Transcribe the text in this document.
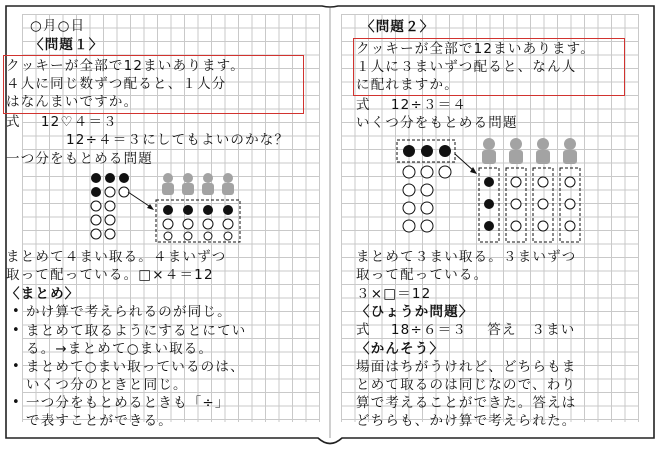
○月○日
〈問題１〉
クッキーが全部で12まいあります。
４人に同じ数ずつ配ると、１人分
はなんまいですか。
式　 12♡４＝３
12÷４＝３にしてもよいのかな？
一つ分をもとめる問題
まとめて４まい取る。４まいずつ
取って配っている。□×４＝12
〈まとめ〉
• かけ算で考えられるのが同じ。
• まとめて取るようにするとにてい
る。→まとめて○まい取る。
• まとめて○まい取っているのは、
いくつ分のときと同じ。
• 一つ分をもとめるときも「÷」
で表すことができる。
〈問題２〉
クッキーが全部で12まいあります。
１人に３まいずつ配ると、なん人
に配れますか。
式　 12÷３＝４
いくつ分をもとめる問題
まとめて３まい取る。３まいずつ
取って配っている。
３×□＝12
〈ひょうか問題〉
式　 18÷６＝３　 答え　３まい
〈かんそう〉
場面はちがうけれど、どちらもま
とめて取るのは同じなので、わり
算で考えることができた。答えは
どちらも、かけ算で考えられた。
